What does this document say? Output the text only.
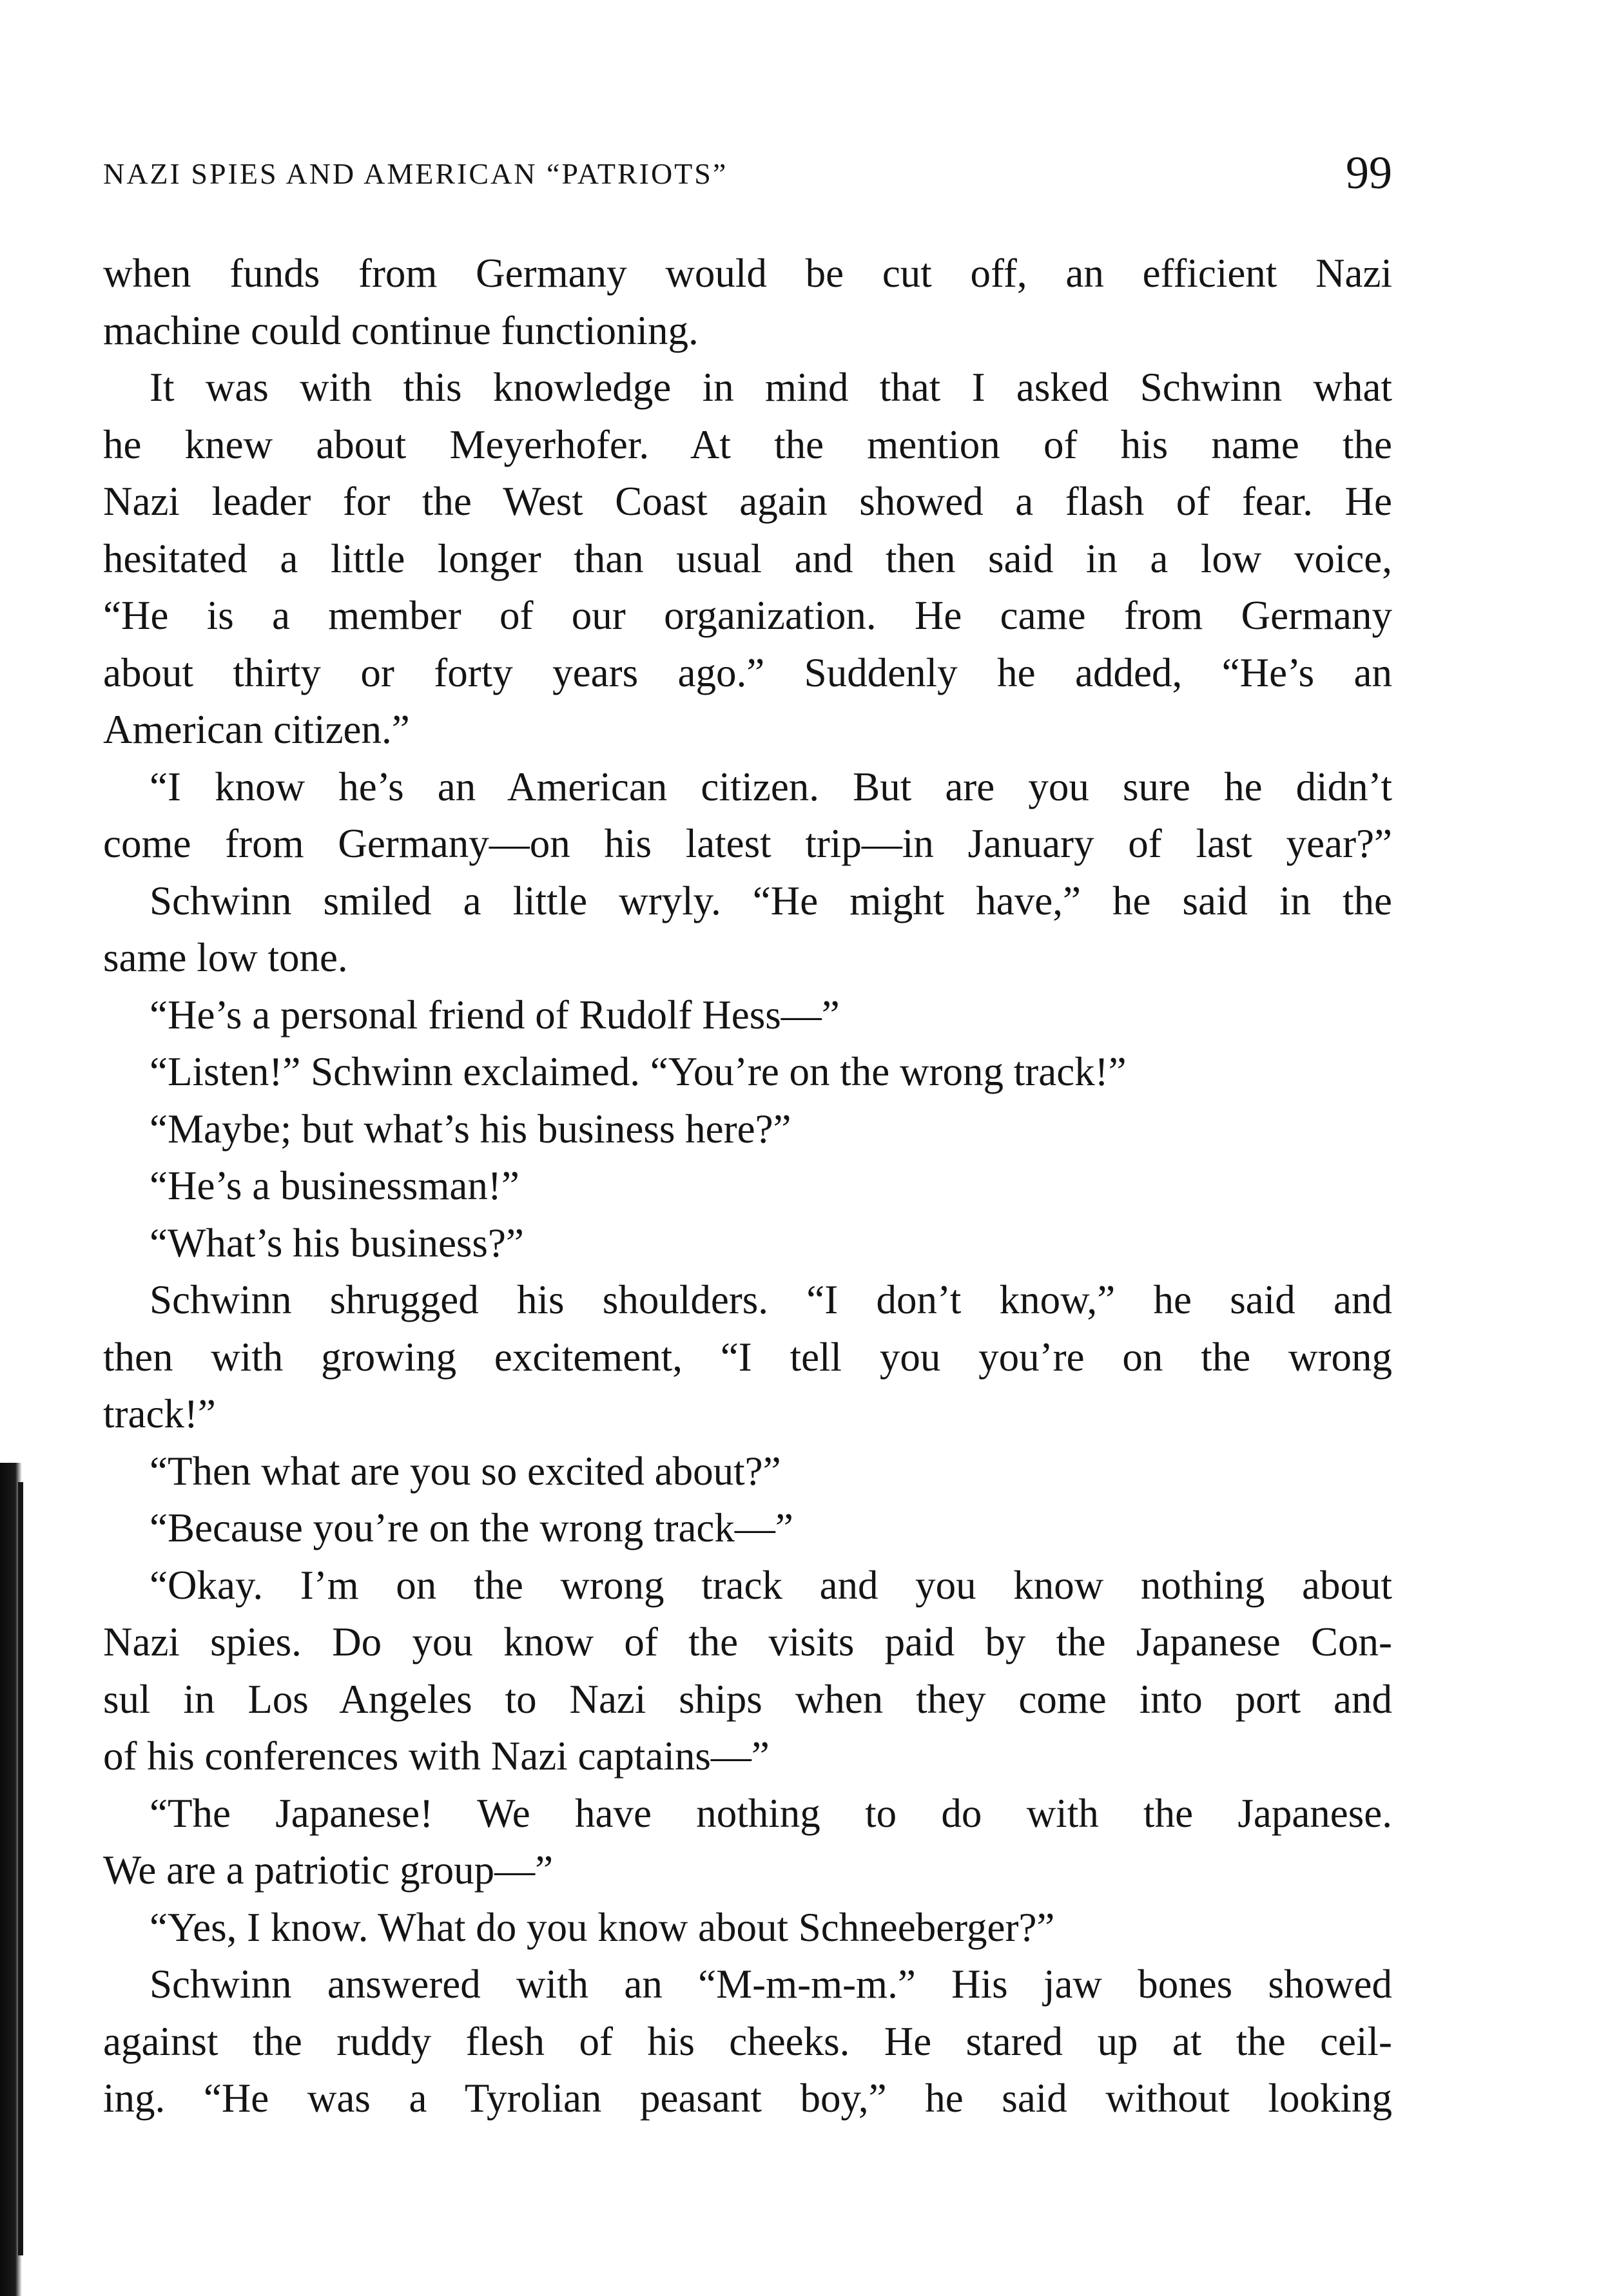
NAZI SPIES AND AMERICAN “PATRIOTS”	99
when funds from Germany would be cut off, an efficient Nazi
machine could continue functioning.
It was with this knowledge in mind that I asked Schwinn what
he knew about Meyerhofer. At the mention of his name the
Nazi leader for the West Coast again showed a flash of fear. He
hesitated a little longer than usual and then said in a low voice,
“He is a member of our organization. He came from Germany
about thirty or forty years ago.” Suddenly he added, “He’s an
American citizen.”
“I know he’s an American citizen. But are you sure he didn’t
come from Germany—on his latest trip—in January of last year?”
Schwinn smiled a little wryly. “He might have,” he said in the
same low tone.
“He’s a personal friend of Rudolf Hess—”
“Listen!” Schwinn exclaimed. “You’re on the wrong track!”
“Maybe; but what’s his business here?”
“He’s a businessman!”
“What’s his business?”
Schwinn shrugged his shoulders. “I don’t know,” he said and
then with growing excitement, “I tell you you’re on the wrong
track!”
“Then what are you so excited about?”
“Because you’re on the wrong track—”
“Okay. I’m on the wrong track and you know nothing about
Nazi spies. Do you know of the visits paid by the Japanese Con-
sul in Los Angeles to Nazi ships when they come into port and
of his conferences with Nazi captains—”
“The Japanese! We have nothing to do with the Japanese.
We are a patriotic group—”
“Yes, I know. What do you know about Schneeberger?”
Schwinn answered with an “M-m-m-m.” His jaw bones showed
against the ruddy flesh of his cheeks. He stared up at the ceil-
ing. “He was a Tyrolian peasant boy,” he said without looking
